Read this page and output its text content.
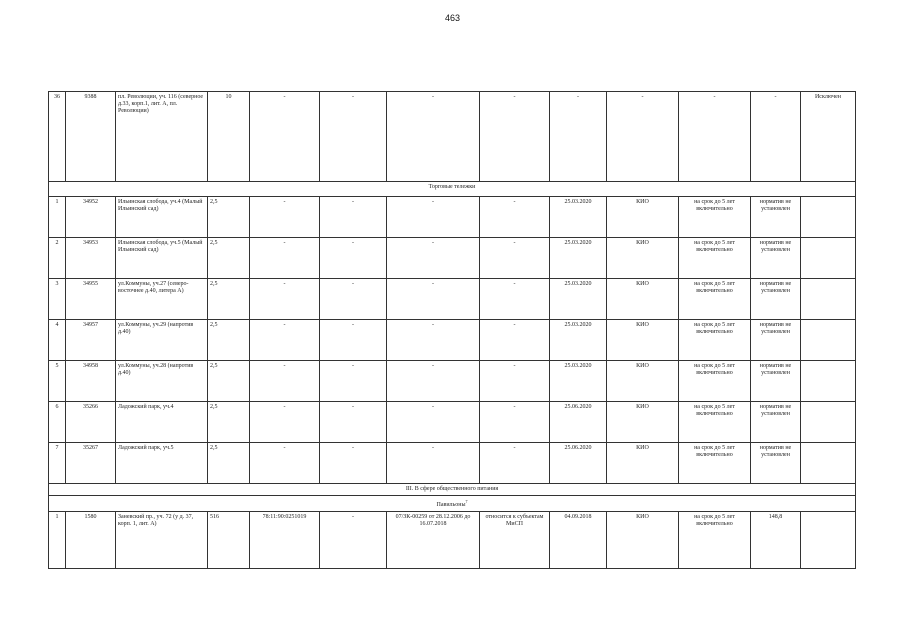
463
36	9388	пл. Революции, уч. 116 (северное д.33, корп.1, лит. А, пл. Революции)	10	-	-	-	-	-	-	-	-	Исключен
Торговые тележки												
1	34952	Ильинская слобода, уч.4 (Малый Ильинский сад)	2,5	-	-	-	-	25.03.2020	КИО	на срок до 5 лет включительно	норматив не установлен	
2	34953	Ильинская слобода, уч.5 (Малый Ильинский сад)	2,5	-	-	-	-	25.03.2020	КИО	на срок до 5 лет включительно	норматив не установлен	
3	34955	ул.Коммуны, уч.27 (северо-восточнее д.40, литера А)	2,5	-	-	-	-	25.03.2020	КИО	на срок до 5 лет включительно	норматив не установлен	
4	34957	ул.Коммуны, уч.29 (напротив д.40)	2,5	-	-	-	-	25.03.2020	КИО	на срок до 5 лет включительно	норматив не установлен	
5	34958	ул.Коммуны, уч.28 (напротив д.40)	2,5	-	-	-	-	25.03.2020	КИО	на срок до 5 лет включительно	норматив не установлен	
6	35266	Ладожский парк, уч.4	2,5	-	-	-	-	25.06.2020	КИО	на срок до 5 лет включительно	норматив не установлен	
7	35267	Ладожский парк, уч.5	2,5	-	-	-	-	25.06.2020	КИО	на срок до 5 лет включительно	норматив не установлен	
III. В сфере общественного питания												
Павильоны$^7$
1	1580	Заневский пр., уч. 72 (у д. 37, корп. 1, лит. А)	516	78:11:90:0251019	-	07/ЗК-00259 от 28.12.2006 до 16.07.2018	относится к субъектам МиСП	04.09.2018	КИО	на срок до 5 лет включительно	148,8	
